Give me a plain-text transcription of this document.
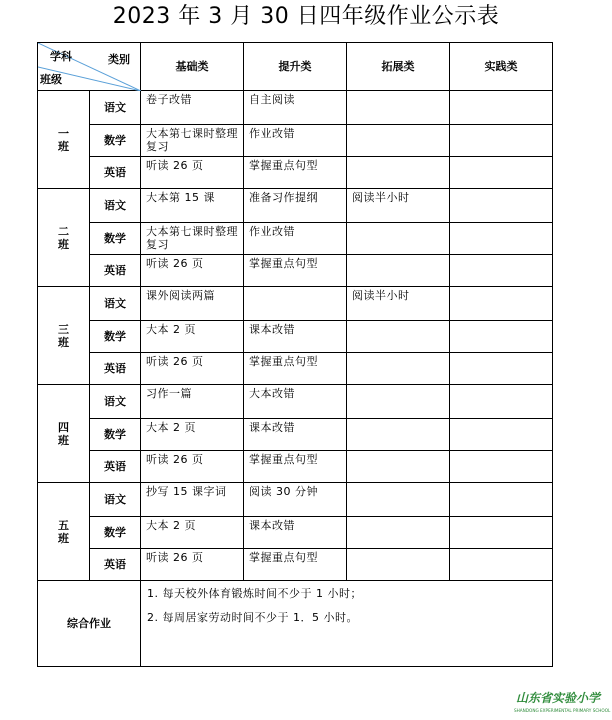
2023 年 3 月 30 日四年级作业公示表
学科 类别
班级		基础类	提升类	拓展类	实践类
一
班	语文	卷子改错	自主阅读		
	数学	大本第七课时整理复习	作业改错		
	英语	听读 26 页	掌握重点句型		
二
班	语文	大本第 15 课	准备习作提纲	阅读半小时	
	数学	大本第七课时整理复习	作业改错		
	英语	听读 26 页	掌握重点句型		
三
班	语文	课外阅读两篇		阅读半小时	
	数学	大本 2 页	课本改错		
	英语	听读 26 页	掌握重点句型		
四
班	语文	习作一篇	大本改错		
	数学	大本 2 页	课本改错		
	英语	听读 26 页	掌握重点句型		
五
班	语文	抄写 15 课字词	阅读 30 分钟		
	数学	大本 2 页	课本改错		
	英语	听读 26 页	掌握重点句型		
综合作业		1. 每天校外体育锻炼时间不少于 1 小时；
2. 每周居家劳动时间不少于 1．5 小时。			
山东省实验小学
SHANDONG EXPERIMENTAL PRIMARY SCHOOL
